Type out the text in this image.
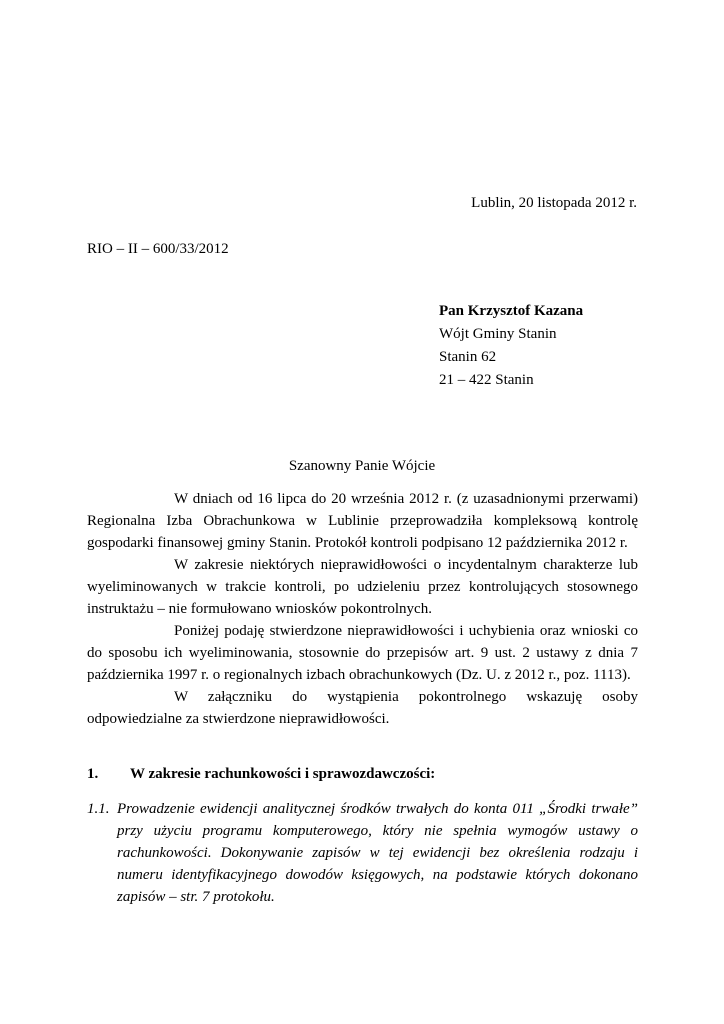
Lublin, 20 listopada 2012 r.
RIO – II – 600/33/2012
Pan Krzysztof Kazana
Wójt Gminy Stanin
Stanin 62
21 – 422 Stanin
Szanowny Panie Wójcie

W dniach od 16 lipca do 20 września 2012 r. (z uzasadnionymi przerwami) Regionalna Izba Obrachunkowa w Lublinie przeprowadziła kompleksową kontrolę gospodarki finansowej gminy Stanin. Protokół kontroli podpisano 12 października 2012 r.

W zakresie niektórych nieprawidłowości o incydentalnym charakterze lub wyeliminowanych w trakcie kontroli, po udzieleniu przez kontrolujących stosownego instruktażu – nie formułowano wniosków pokontrolnych.

Poniżej podaję stwierdzone nieprawidłowości i uchybienia oraz wnioski co do sposobu ich wyeliminowania, stosownie do przepisów art. 9 ust. 2 ustawy z dnia 7 października 1997 r. o regionalnych izbach obrachunkowych (Dz. U. z 2012 r., poz. 1113).

W załączniku do wystąpienia pokontrolnego wskazuję osoby odpowiedzialne za stwierdzone nieprawidłowości.

1. W zakresie rachunkowości i sprawozdawczości:
1.1. Prowadzenie ewidencji analitycznej środków trwałych do konta 011 „Środki trwałe” przy użyciu programu komputerowego, który nie spełnia wymogów ustawy o rachunkowości. Dokonywanie zapisów w tej ewidencji bez określenia rodzaju i numeru identyfikacyjnego dowodów księgowych, na podstawie których dokonano zapisów – str. 7 protokołu.
